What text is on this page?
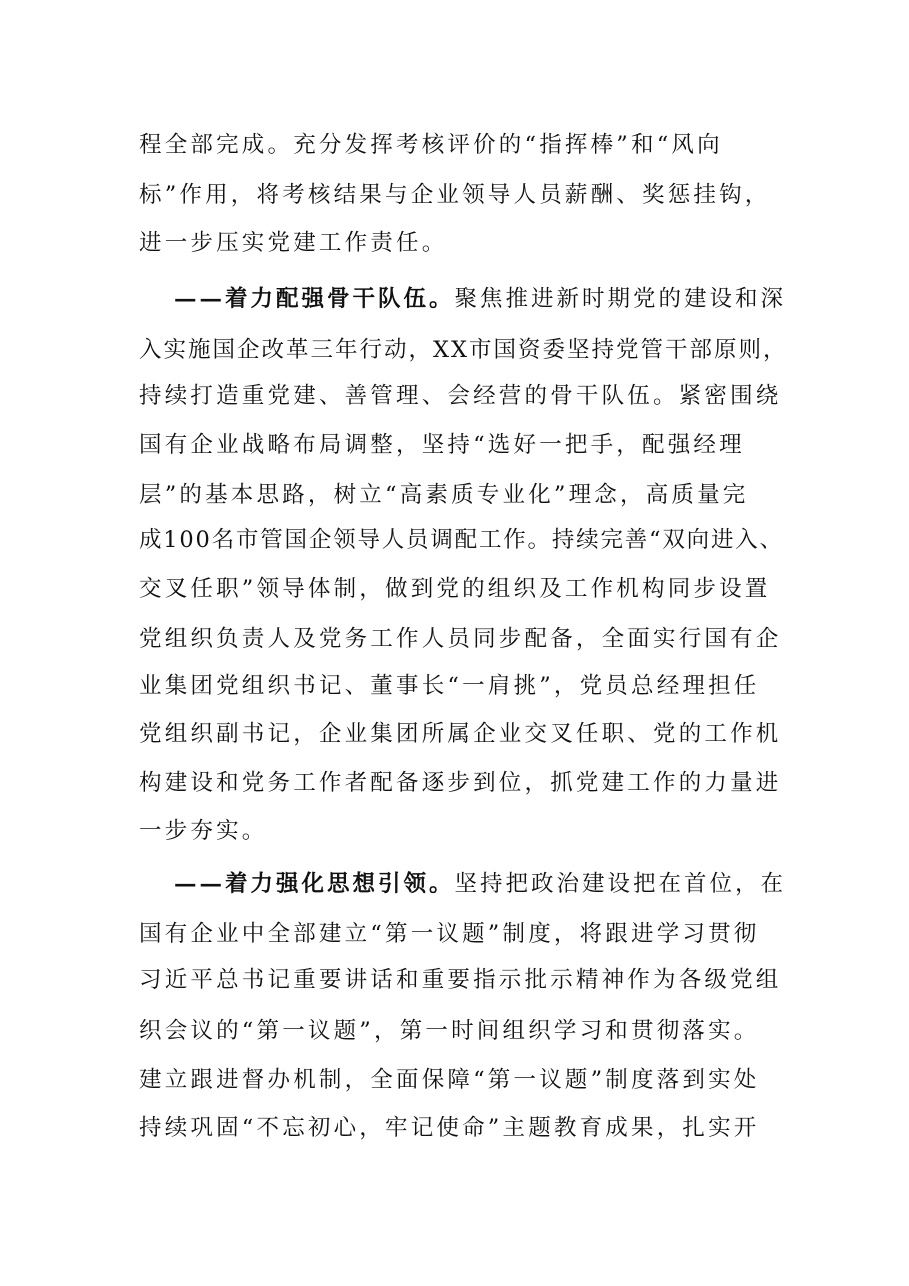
程全部完成。充分发挥考核评价的“指挥棒”和“风向
标”作用，将考核结果与企业领导人员薪酬、奖惩挂钩，
进一步压实党建工作责任。
——着力配强骨干队伍。聚焦推进新时期党的建设和深
入实施国企改革三年行动，XX市国资委坚持党管干部原则，
持续打造重党建、善管理、会经营的骨干队伍。紧密围绕
国有企业战略布局调整，坚持“选好一把手，配强经理
层”的基本思路，树立“高素质专业化”理念，高质量完
成100名市管国企领导人员调配工作。持续完善“双向进入、
交叉任职”领导体制，做到党的组织及工作机构同步设置
党组织负责人及党务工作人员同步配备，全面实行国有企
业集团党组织书记、董事长“一肩挑”，党员总经理担任
党组织副书记，企业集团所属企业交叉任职、党的工作机
构建设和党务工作者配备逐步到位，抓党建工作的力量进
一步夯实。
——着力强化思想引领。坚持把政治建设把在首位，在
国有企业中全部建立“第一议题”制度，将跟进学习贯彻
习近平总书记重要讲话和重要指示批示精神作为各级党组
织会议的“第一议题”，第一时间组织学习和贯彻落实。
建立跟进督办机制，全面保障“第一议题”制度落到实处
持续巩固“不忘初心，牢记使命”主题教育成果，扎实开
